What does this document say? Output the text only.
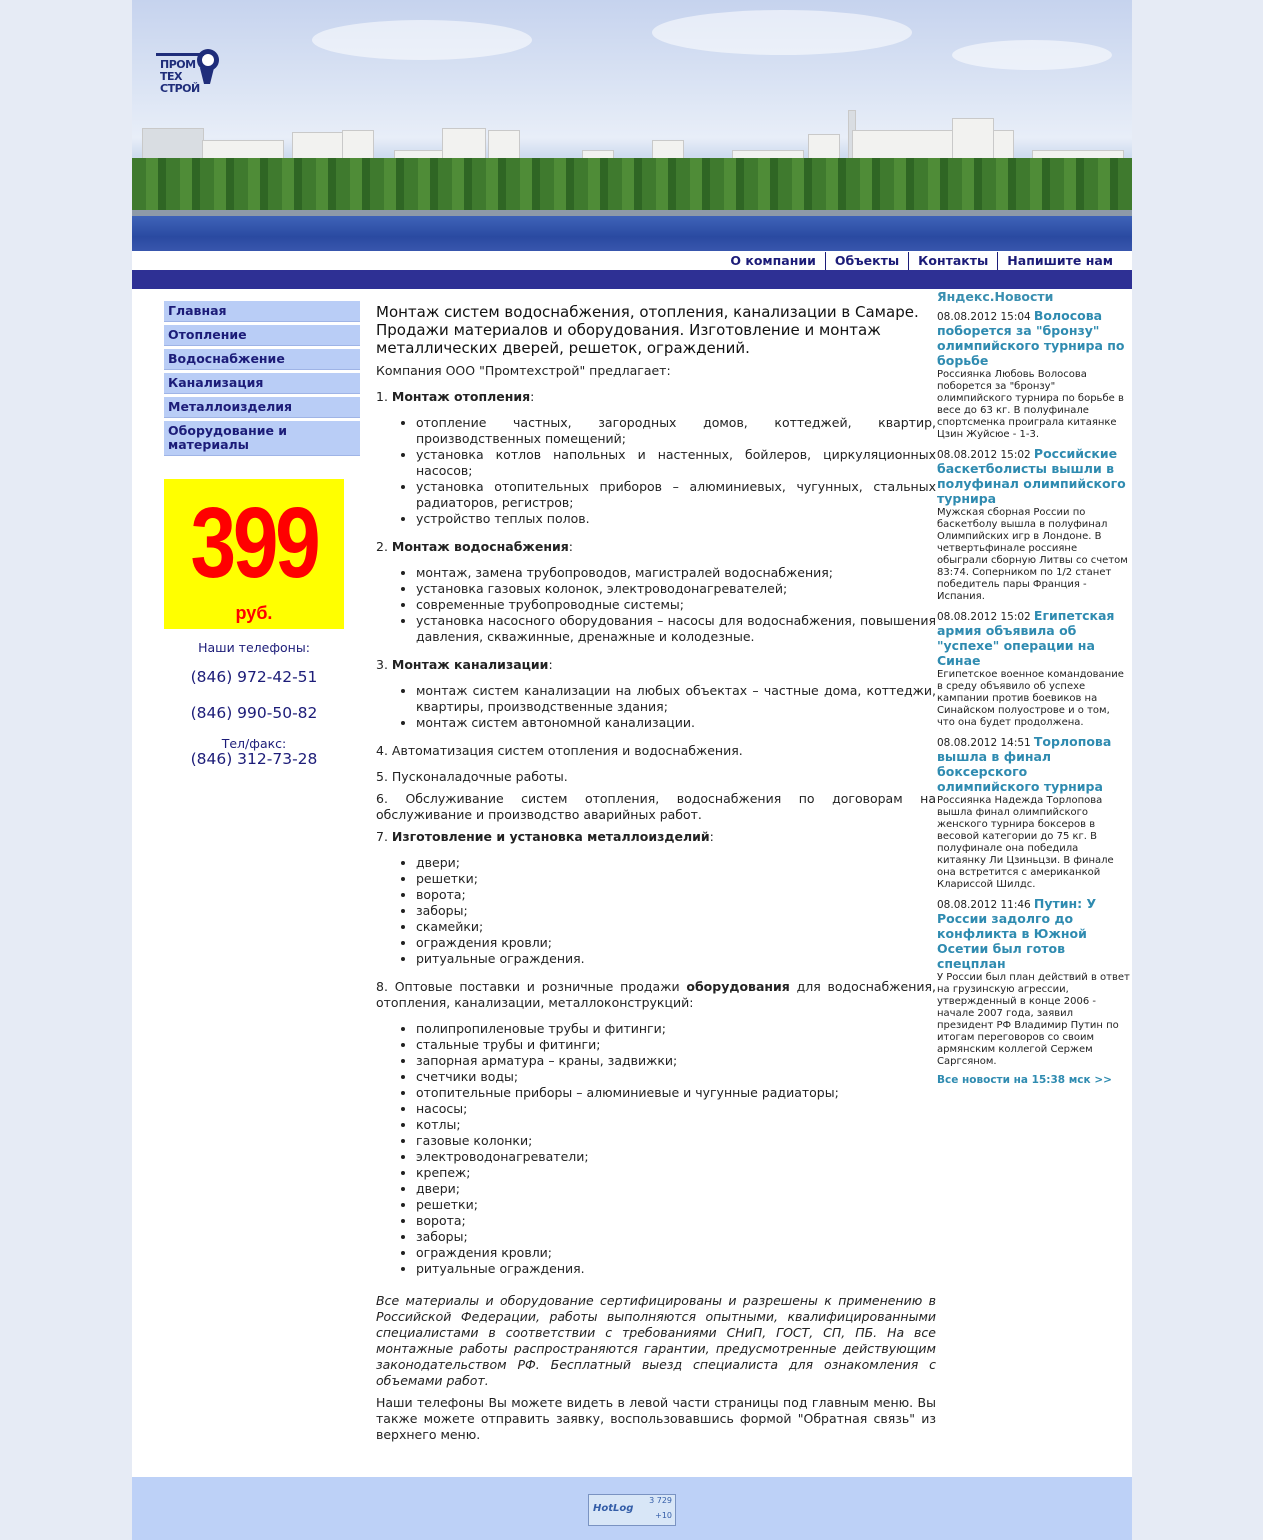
ПРОМ
ТЕХ
СТРОЙ
О компании	Объекты	Контакты	Напишите нам
Главная
Отопление
Водоснабжение
Канализация
Металлоизделия
Оборудование и материалы
399
руб.
Наши телефоны:
(846) 972-42-51
(846) 990-50-82
Тел/факс:
(846) 312-73-28
Монтаж систем водоснабжения, отопления, канализации в Самаре. Продажи материалов и оборудования. Изготовление и монтаж металлических дверей, решеток, ограждений.

Компания ООО "Промтехстрой" предлагает:

1. Монтаж отопления:

• отопление частных, загородных домов, коттеджей, квартир, производственных помещений;
• установка котлов напольных и настенных, бойлеров, циркуляционных насосов;
• установка отопительных приборов – алюминиевых, чугунных, стальных радиаторов, регистров;
• устройство теплых полов.

2. Монтаж водоснабжения:

• монтаж, замена трубопроводов, магистралей водоснабжения;
• установка газовых колонок, электроводонагревателей;
• современные трубопроводные системы;
• установка насосного оборудования – насосы для водоснабжения, повышения давления, скважинные, дренажные и колодезные.

3. Монтаж канализации:

• монтаж систем канализации на любых объектах – частные дома, коттеджи, квартиры, производственные здания;
• монтаж систем автономной канализации.

4. Автоматизация систем отопления и водоснабжения.

5. Пусконаладочные работы.

6. Обслуживание систем отопления, водоснабжения по договорам на обслуживание и производство аварийных работ.

7. Изготовление и установка металлоизделий:

• двери;
• решетки;
• ворота;
• заборы;
• скамейки;
• ограждения кровли;
• ритуальные ограждения.

8. Оптовые поставки и розничные продажи оборудования для водоснабжения, отопления, канализации, металлоконструкций:

• полипропиленовые трубы и фитинги;
• стальные трубы и фитинги;
• запорная арматура – краны, задвижки;
• счетчики воды;
• отопительные приборы – алюминиевые и чугунные радиаторы;
• насосы;
• котлы;
• газовые колонки;
• электроводонагреватели;
• крепеж;
• двери;
• решетки;
• ворота;
• заборы;
• ограждения кровли;
• ритуальные ограждения.

Все материалы и оборудование сертифицированы и разрешены к применению в Российской Федерации, работы выполняются опытными, квалифицированными специалистами в соответствии с требованиями СНиП, ГОСТ, СП, ПБ. На все монтажные работы распространяются гарантии, предусмотренные действующим законодательством РФ. Бесплатный выезд специалиста для ознакомления с объемами работ.

Наши телефоны Вы можете видеть в левой части страницы под главным меню. Вы также можете отправить заявку, воспользовавшись формой "Обратная связь" из верхнего меню.

Яндекс.Новости
08.08.2012 15:04 Волосова поборется за "бронзу" олимпийского турнира по борьбе
Россиянка Любовь Волосова поборется за "бронзу" олимпийского турнира по борьбе в весе до 63 кг. В полуфинале спортсменка проиграла китаянке Цзин Жуйсюе - 1-3.
08.08.2012 15:02 Российские баскетболисты вышли в полуфинал олимпийского турнира
Мужская сборная России по баскетболу вышла в полуфинал Олимпийских игр в Лондоне. В четвертьфинале россияне обыграли сборную Литвы со счетом 83:74. Соперником по 1/2 станет победитель пары Франция - Испания.
08.08.2012 15:02 Египетская армия объявила об "успехе" операции на Синае
Египетское военное командование в среду объявило об успехе кампании против боевиков на Синайском полуострове и о том, что она будет продолжена.
08.08.2012 14:51 Торлопова вышла в финал боксерского олимпийского турнира
Россиянка Надежда Торлопова вышла финал олимпийского женского турнира боксеров в весовой категории до 75 кг. В полуфинале она победила китаянку Ли Цзиньцзи. В финале она встретится с американкой Клариссой Шилдс.
08.08.2012 11:46 Путин: У России задолго до конфликта в Южной Осетии был готов спецплан
У России был план действий в ответ на грузинскую агрессии, утвержденный в конце 2006 - начале 2007 года, заявил президент РФ Владимир Путин по итогам переговоров со своим армянским коллегой Сержем Саргсяном.
Все новости на 15:38 мск >>
HotLog
3 729
+10
